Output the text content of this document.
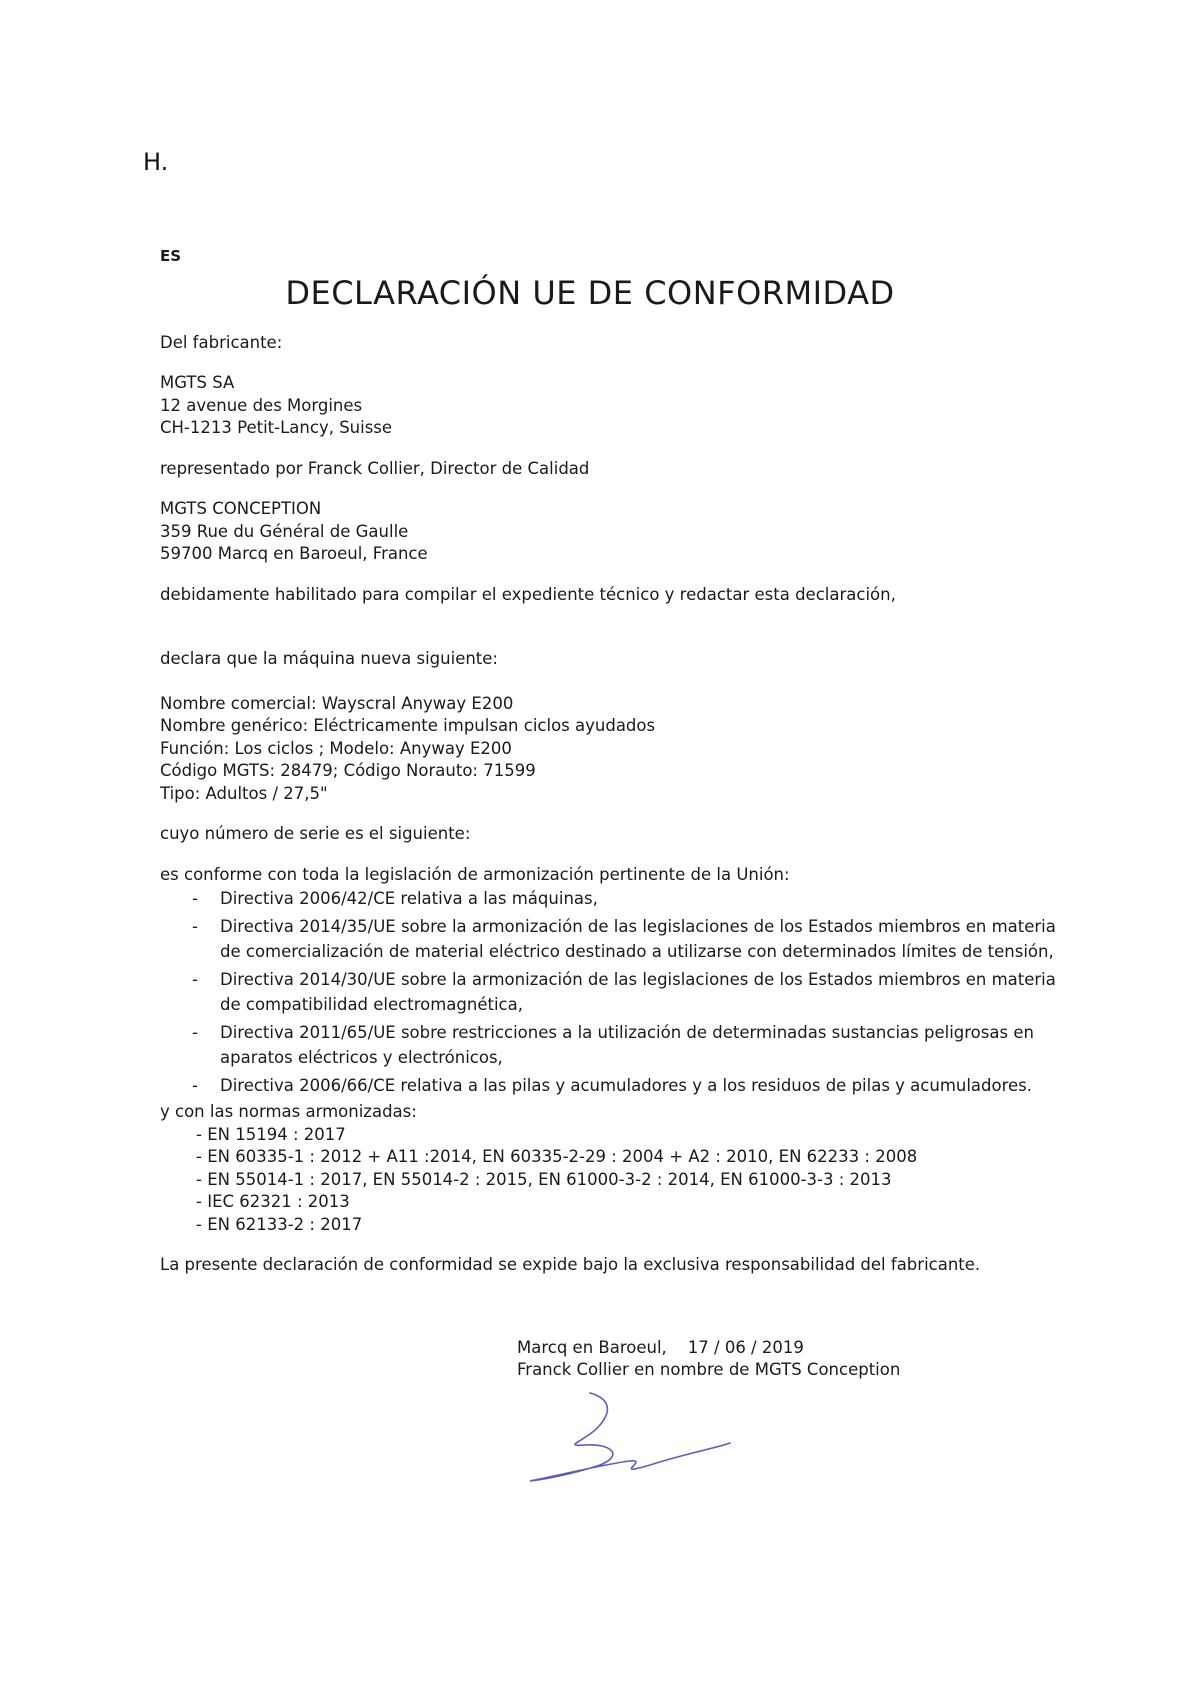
H.
ES
DECLARACIÓN UE DE CONFORMIDAD
Del fabricante:
MGTS SA
12 avenue des Morgines
CH-1213 Petit-Lancy, Suisse
representado por Franck Collier, Director de Calidad
MGTS CONCEPTION
359 Rue du Général de Gaulle
59700 Marcq en Baroeul, France
debidamente habilitado para compilar el expediente técnico y redactar esta declaración,
declara que la máquina nueva siguiente:
Nombre comercial: Wayscral Anyway E200
Nombre genérico: Eléctricamente impulsan ciclos ayudados
Función: Los ciclos ; Modelo: Anyway E200
Código MGTS: 28479; Código Norauto: 71599
Tipo: Adultos / 27,5"
cuyo número de serie es el siguiente:
es conforme con toda la legislación de armonización pertinente de la Unión:
- Directiva 2006/42/CE relativa a las máquinas,
- Directiva 2014/35/UE sobre la armonización de las legislaciones de los Estados miembros en materia de comercialización de material eléctrico destinado a utilizarse con determinados límites de tensión,
- Directiva 2014/30/UE sobre la armonización de las legislaciones de los Estados miembros en materia de compatibilidad electromagnética,
- Directiva 2011/65/UE sobre restricciones a la utilización de determinadas sustancias peligrosas en aparatos eléctricos y electrónicos,
- Directiva 2006/66/CE relativa a las pilas y acumuladores y a los residuos de pilas y acumuladores.
y con las normas armonizadas:
- EN 15194 : 2017
- EN 60335-1 : 2012 + A11 :2014, EN 60335-2-29 : 2004 + A2 : 2010, EN 62233 : 2008
- EN 55014-1 : 2017, EN 55014-2 : 2015, EN 61000-3-2 : 2014, EN 61000-3-3 : 2013
- IEC 62321 : 2013
- EN 62133-2 : 2017
La presente declaración de conformidad se expide bajo la exclusiva responsabilidad del fabricante.
Marcq en Baroeul,    17 / 06 / 2019
Franck Collier en nombre de MGTS Conception
